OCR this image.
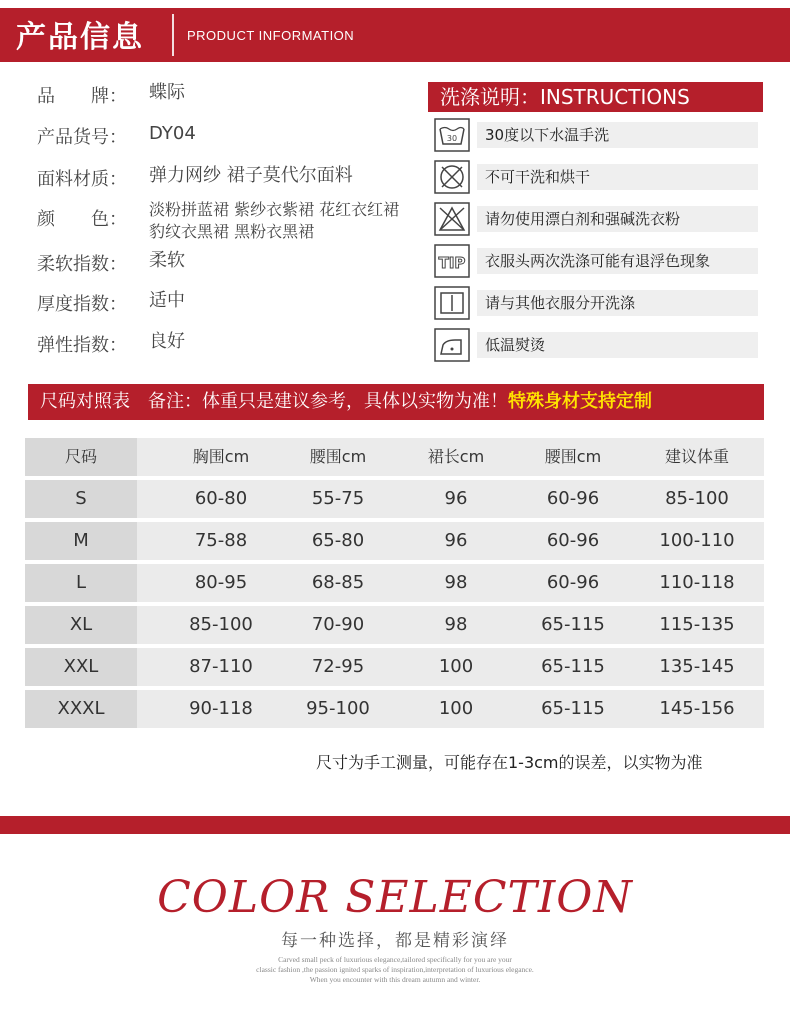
产品信息	PRODUCT INFORMATION
品　　牌：	蝶际
产品货号：	DY04
面料材质：	弹力网纱 裙子莫代尔面料
颜　　色：	淡粉拼蓝裙 紫纱衣紫裙 花红衣红裙
豹纹衣黑裙 黑粉衣黑裙
柔软指数：	柔软
厚度指数：	适中
弹性指数：	良好
洗涤说明：INSTRUCTIONS
30	30度以下水温手洗
不可干洗和烘干
请勿使用漂白剂和强碱洗衣粉
TIP	衣服头两次洗涤可能有退浮色现象
请与其他衣服分开洗涤
低温熨烫
尺码对照表　备注：体重只是建议参考，具体以实物为准！特殊身材支持定制
尺码	胸围cm	腰围cm	裙长cm	腰围cm	建议体重
S	60-80	55-75	96	60-96	85-100
M	75-88	65-80	96	60-96	100-110
L	80-95	68-85	98	60-96	110-118
XL	85-100	70-90	98	65-115	115-135
XXL	87-110	72-95	100	65-115	135-145
XXXL	90-118	95-100	100	65-115	145-156
尺寸为手工测量，可能存在1-3cm的误差，以实物为准
COLOR SELECTION
每一种选择，都是精彩演绎
Carved small peck of luxurious elegance,tailored specifically for you are your
classic fashion ,the passion ignited sparks of inspiration,interpretation of luxurious elegance.
When you encounter with this dream autumn and winter.
